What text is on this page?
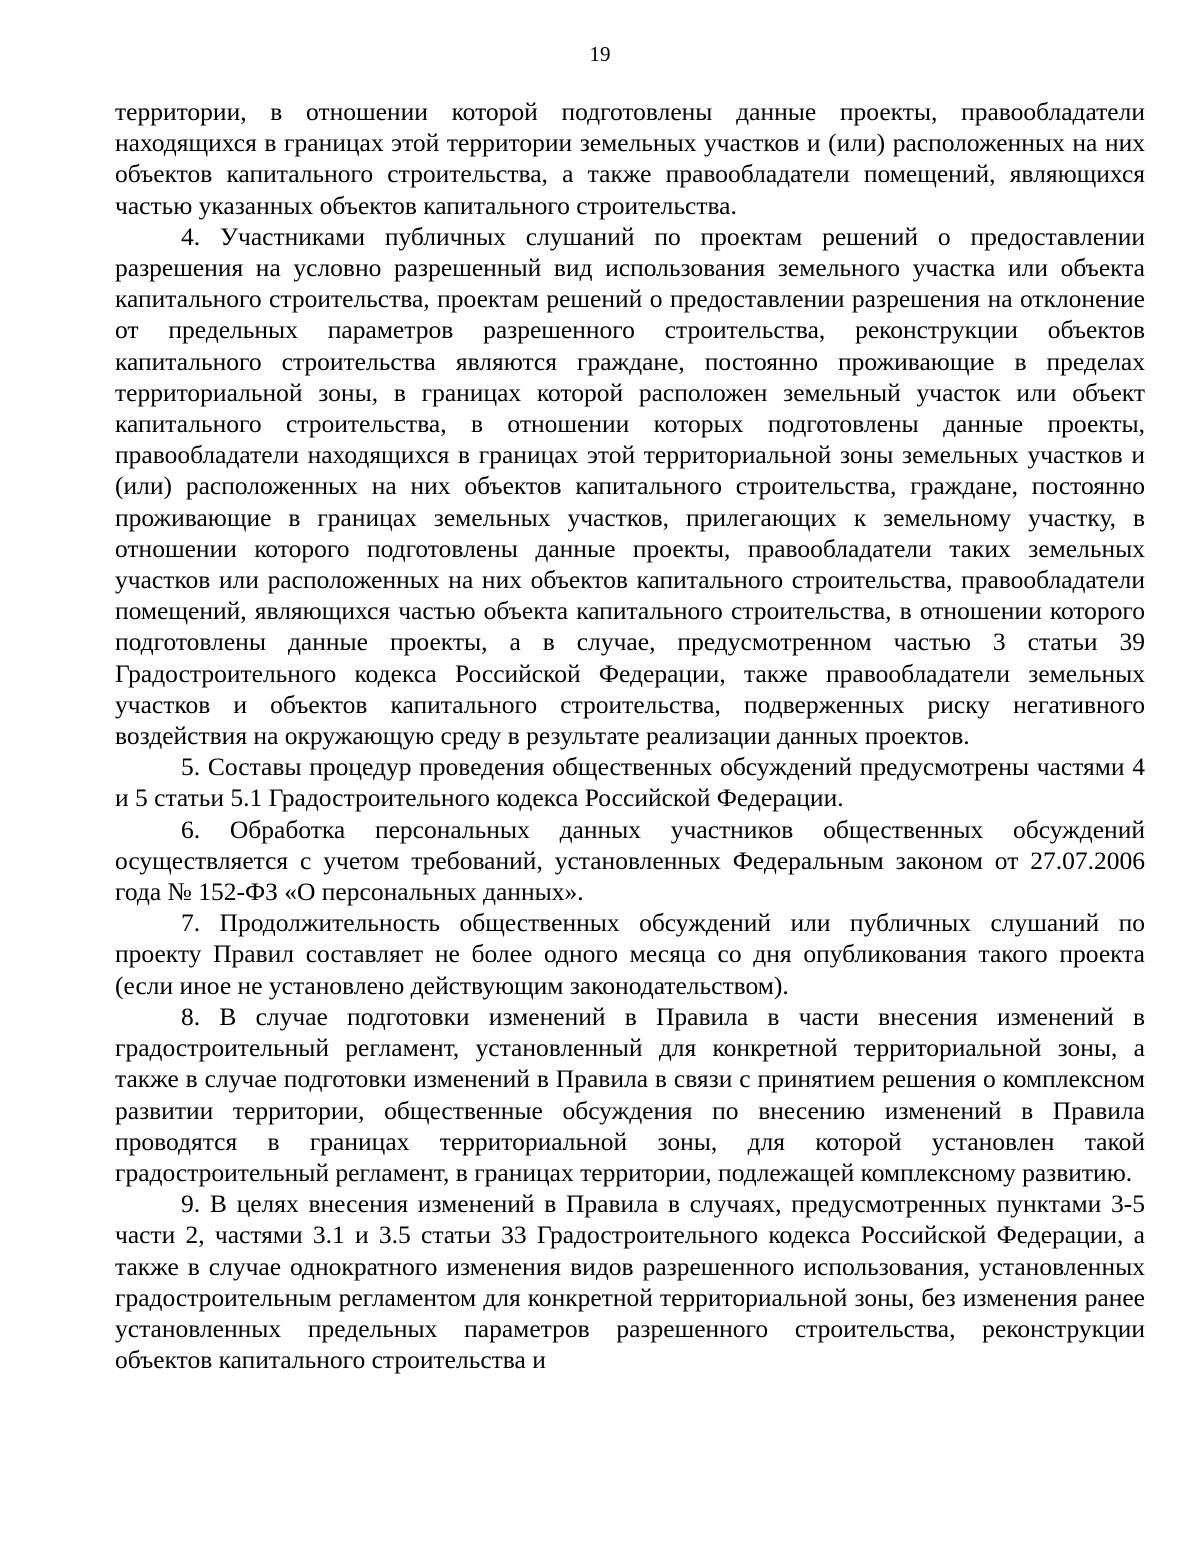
19

территории, в отношении которой подготовлены данные проекты, правообладатели находящихся в границах этой территории земельных участков и (или) расположенных на них объектов капитального строительства, а также правообладатели помещений, являющихся частью указанных объектов капитального строительства.

4. Участниками публичных слушаний по проектам решений о предоставлении разрешения на условно разрешенный вид использования земельного участка или объекта капитального строительства, проектам решений о предоставлении разрешения на отклонение от предельных параметров разрешенного строительства, реконструкции объектов капитального строительства являются граждане, постоянно проживающие в пределах территориальной зоны, в границах которой расположен земельный участок или объект капитального строительства, в отношении которых подготовлены данные проекты, правообладатели находящихся в границах этой территориальной зоны земельных участков и (или) расположенных на них объектов капитального строительства, граждане, постоянно проживающие в границах земельных участков, прилегающих к земельному участку, в отношении которого подготовлены данные проекты, правообладатели таких земельных участков или расположенных на них объектов капитального строительства, правообладатели помещений, являющихся частью объекта капитального строительства, в отношении которого подготовлены данные проекты, а в случае, предусмотренном частью 3 статьи 39 Градостроительного кодекса Российской Федерации, также правообладатели земельных участков и объектов капитального строительства, подверженных риску негативного воздействия на окружающую среду в результате реализации данных проектов.

5. Составы процедур проведения общественных обсуждений предусмотрены частями 4 и 5 статьи 5.1 Градостроительного кодекса Российской Федерации.

6. Обработка персональных данных участников общественных обсуждений осуществляется с учетом требований, установленных Федеральным законом от 27.07.2006 года № 152-ФЗ «О персональных данных».

7. Продолжительность общественных обсуждений или публичных слушаний по проекту Правил составляет не более одного месяца со дня опубликования такого проекта (если иное не установлено действующим законодательством).

8. В случае подготовки изменений в Правила в части внесения изменений в градостроительный регламент, установленный для конкретной территориальной зоны, а также в случае подготовки изменений в Правила в связи с принятием решения о комплексном развитии территории, общественные обсуждения по внесению изменений в Правила проводятся в границах территориальной зоны, для которой установлен такой градостроительный регламент, в границах территории, подлежащей комплексному развитию.

9. В целях внесения изменений в Правила в случаях, предусмотренных пунктами 3-5 части 2, частями 3.1 и 3.5 статьи 33 Градостроительного кодекса Российской Федерации, а также в случае однократного изменения видов разрешенного использования, установленных градостроительным регламентом для конкретной территориальной зоны, без изменения ранее установленных предельных параметров разрешенного строительства, реконструкции объектов капитального строительства и
